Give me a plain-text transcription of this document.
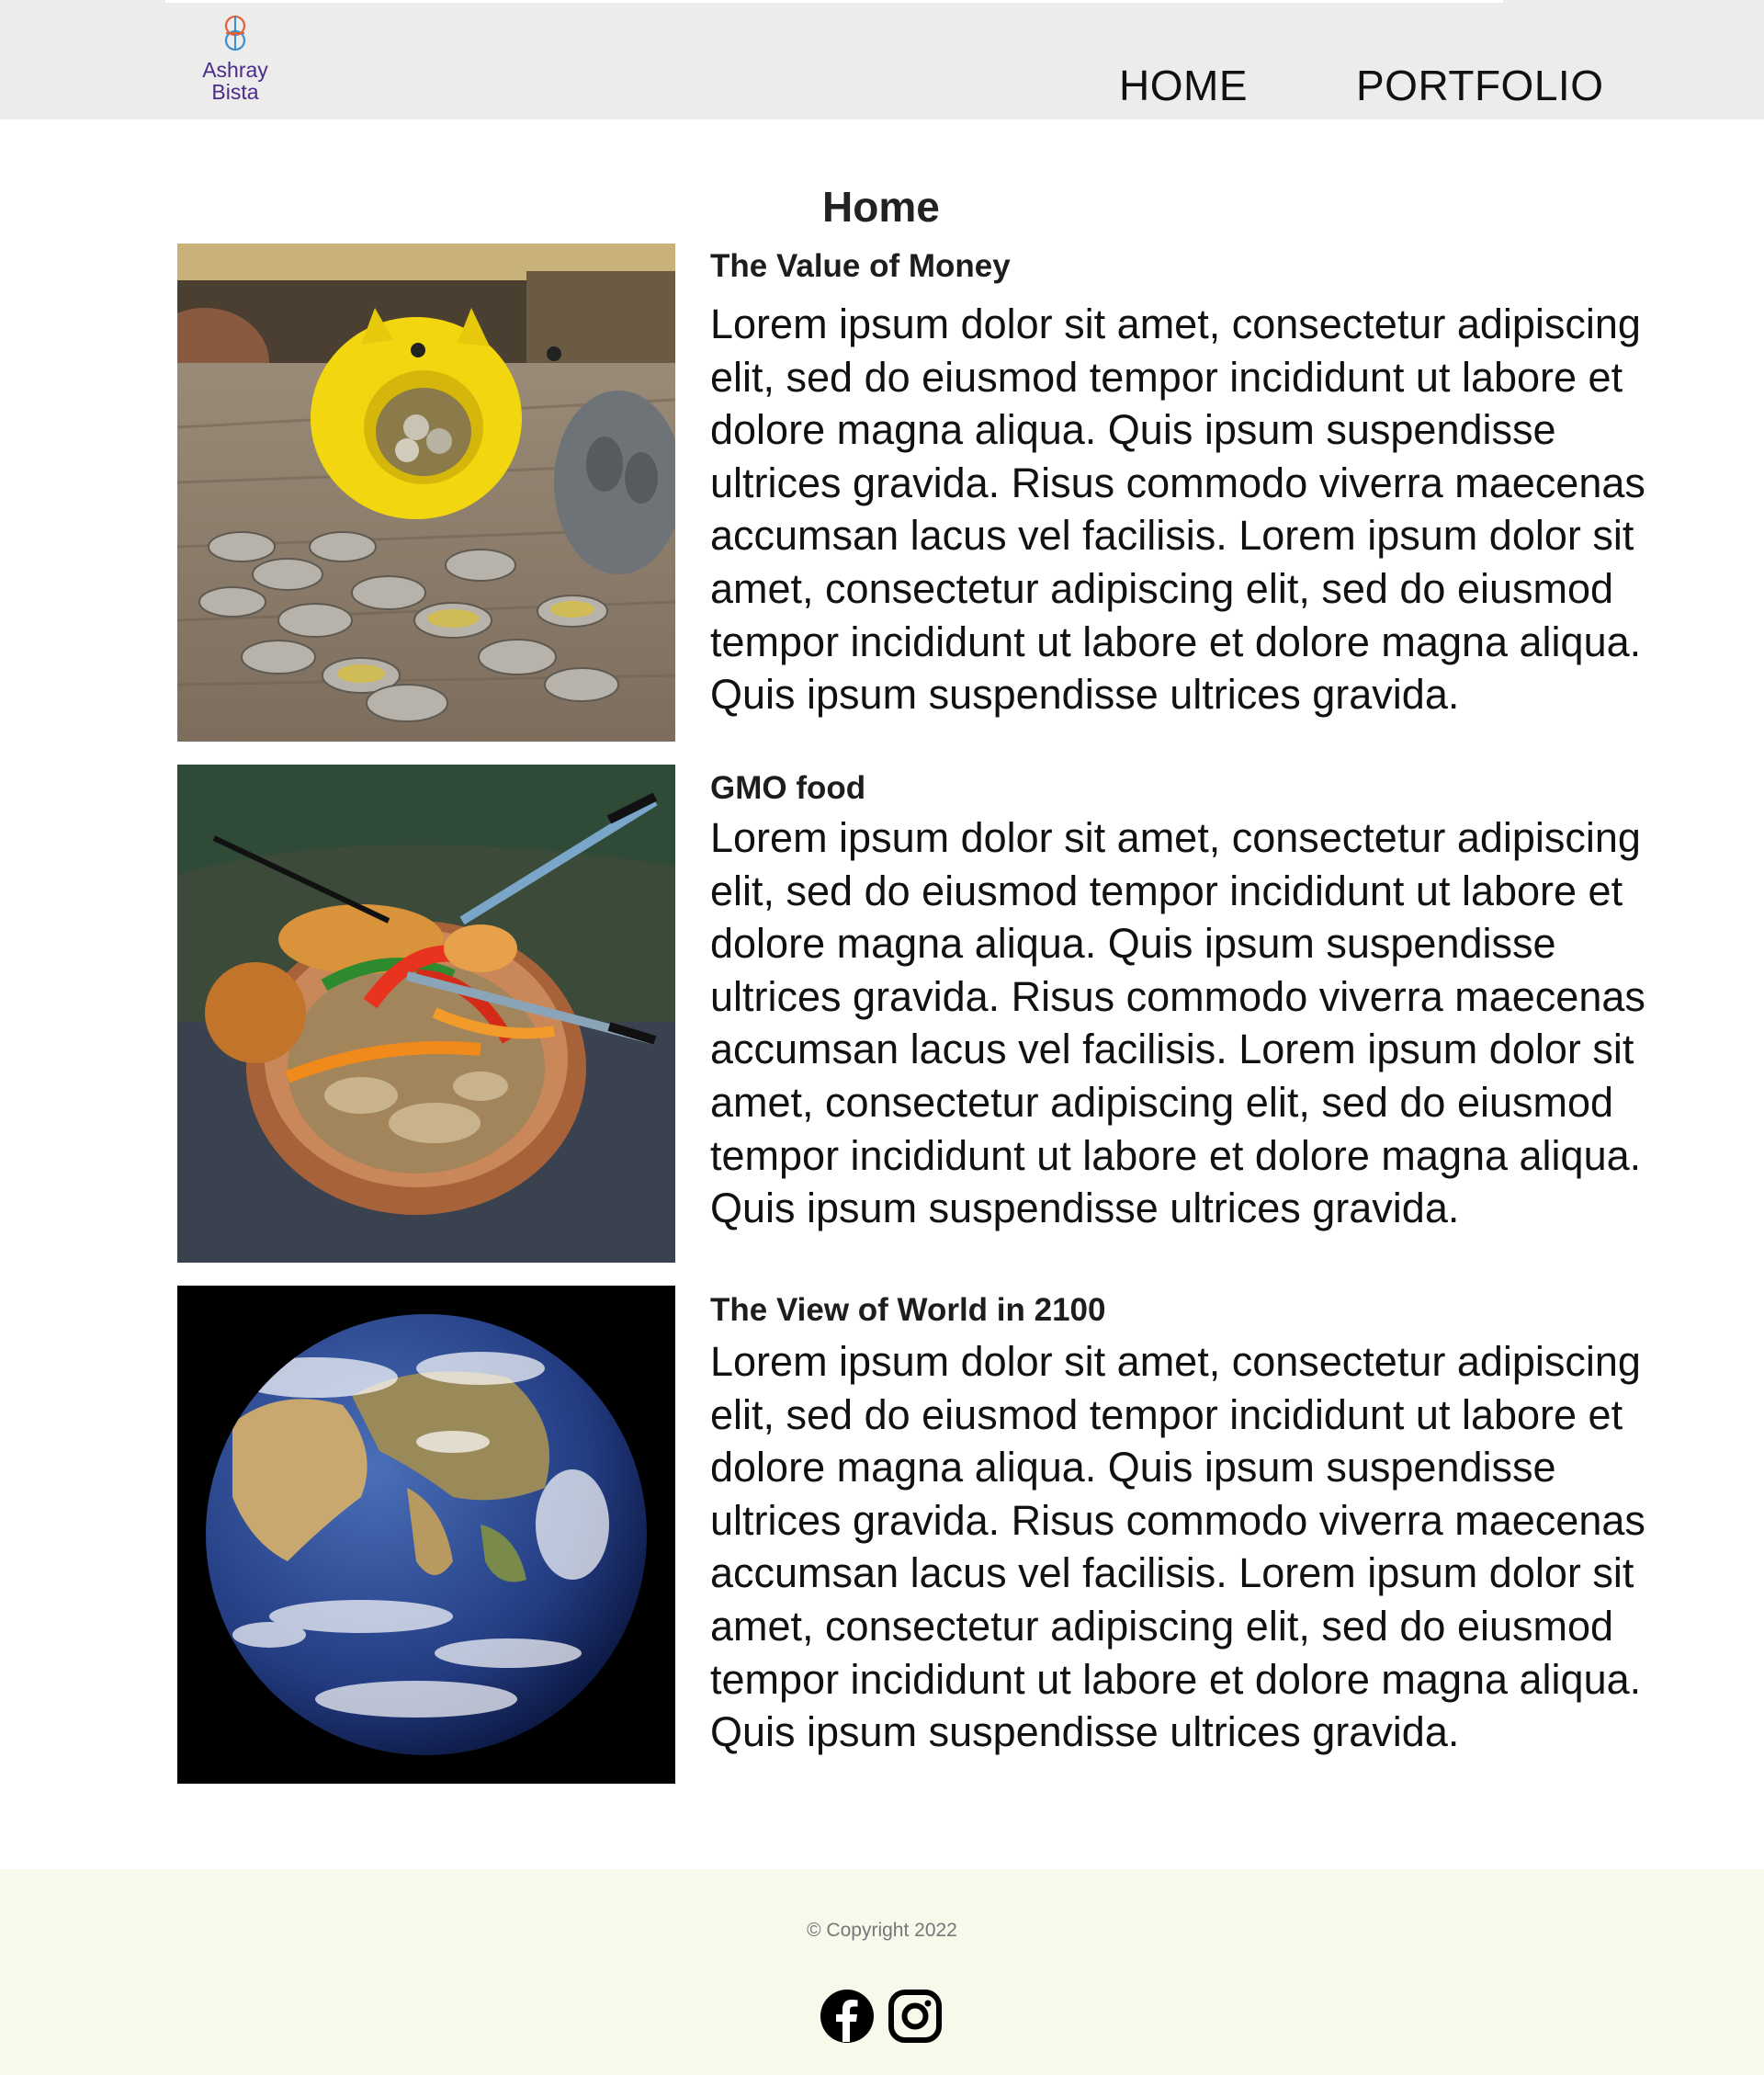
Ashray
Bista	HOME	PORTFOLIO
Home
The Value of Money

Lorem ipsum dolor sit amet, consectetur adipiscing elit, sed do eiusmod tempor incididunt ut labore et dolore magna aliqua. Quis ipsum suspendisse ultrices gravida. Risus commodo viverra maecenas accumsan lacus vel facilisis. Lorem ipsum dolor sit amet, consectetur adipiscing elit, sed do eiusmod tempor incididunt ut labore et dolore magna aliqua. Quis ipsum suspendisse ultrices gravida.

GMO food

Lorem ipsum dolor sit amet, consectetur adipiscing elit, sed do eiusmod tempor incididunt ut labore et dolore magna aliqua. Quis ipsum suspendisse ultrices gravida. Risus commodo viverra maecenas accumsan lacus vel facilisis. Lorem ipsum dolor sit amet, consectetur adipiscing elit, sed do eiusmod tempor incididunt ut labore et dolore magna aliqua. Quis ipsum suspendisse ultrices gravida.

The View of World in 2100

Lorem ipsum dolor sit amet, consectetur adipiscing elit, sed do eiusmod tempor incididunt ut labore et dolore magna aliqua. Quis ipsum suspendisse ultrices gravida. Risus commodo viverra maecenas accumsan lacus vel facilisis. Lorem ipsum dolor sit amet, consectetur adipiscing elit, sed do eiusmod tempor incididunt ut labore et dolore magna aliqua. Quis ipsum suspendisse ultrices gravida.

© Copyright 2022
